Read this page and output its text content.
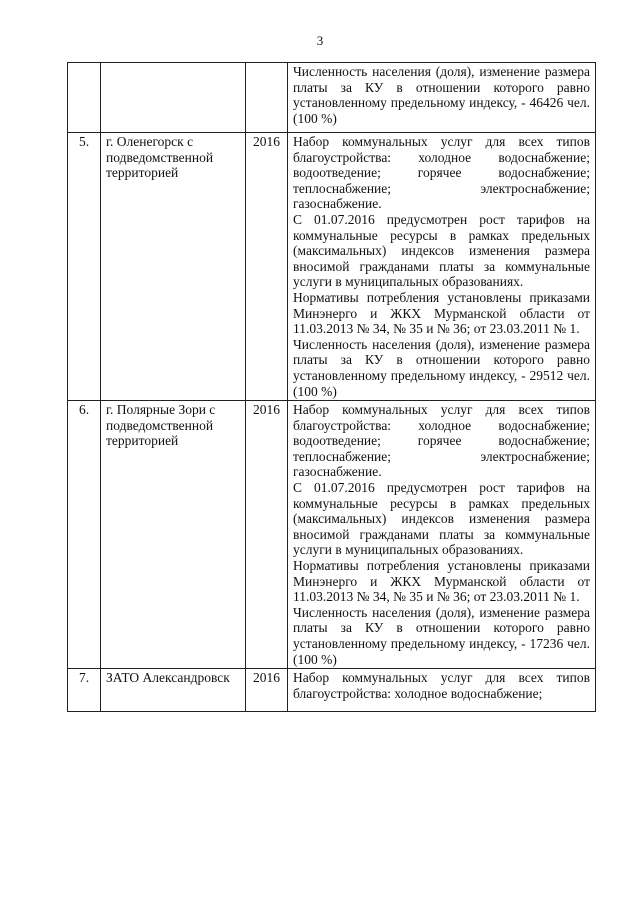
3

			Численность населения (доля), изменение размера платы за КУ в отношении которого равно установленному предельному индексу, - 46426 чел. (100 %)

5.	г. Оленегорск с подведомственной территорией	2016	Набор коммунальных услуг для всех типов благоустройства: холодное водоснабжение; водоотведение; горячее водоснабжение; теплоснабжение; электроснабжение; газоснабжение.

С 01.07.2016 предусмотрен рост тарифов на коммунальные ресурсы в рамках предельных (максимальных) индексов изменения размера вносимой гражданами платы за коммунальные услуги в муниципальных образованиях.

Нормативы потребления установлены приказами Минэнерго и ЖКХ Мурманской области от 11.03.2013 № 34, № 35 и № 36; от 23.03.2011 № 1.

Численность населения (доля), изменение размера платы за КУ в отношении которого равно установленному предельному индексу, - 29512 чел. (100 %)

6.	г. Полярные Зори с подведомственной территорией	2016	Набор коммунальных услуг для всех типов благоустройства: холодное водоснабжение; водоотведение; горячее водоснабжение; теплоснабжение; электроснабжение; газоснабжение.

С 01.07.2016 предусмотрен рост тарифов на коммунальные ресурсы в рамках предельных (максимальных) индексов изменения размера вносимой гражданами платы за коммунальные услуги в муниципальных образованиях.

Нормативы потребления установлены приказами Минэнерго и ЖКХ Мурманской области от 11.03.2013 № 34, № 35 и № 36; от 23.03.2011 № 1.

Численность населения (доля), изменение размера платы за КУ в отношении которого равно установленному предельному индексу, - 17236 чел. (100 %)

7.	ЗАТО Александровск	2016	Набор коммунальных услуг для всех типов благоустройства: холодное водоснабжение;
